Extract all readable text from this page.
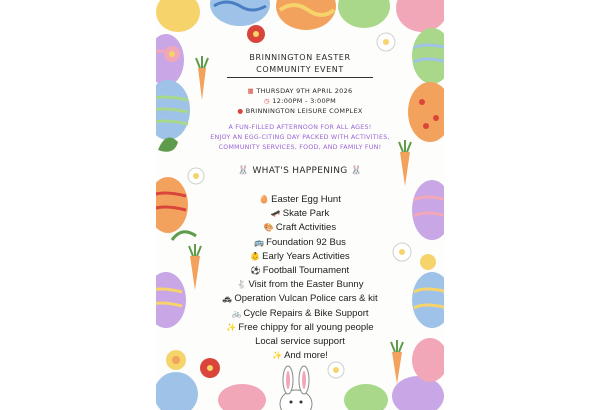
BRINNINGTON EASTER
COMMUNITY EVENT
▦ THURSDAY 9TH APRIL 2026
◷ 12:00PM - 3:00PM
● BRINNINGTON LEISURE COMPLEX
A FUN-FILLED AFTERNOON FOR ALL AGES!
ENJOY AN EGG-CITING DAY PACKED WITH ACTIVITIES,
COMMUNITY SERVICES, FOOD, AND FAMILY FUN!
🐰 WHAT'S HAPPENING 🐰
🥚 Easter Egg Hunt
🛹 Skate Park
🎨 Craft Activities
🚌 Foundation 92 Bus
👶 Early Years Activities
⚽ Football Tournament
🐇 Visit from the Easter Bunny
🚓 Operation Vulcan Police cars & kit
🚲 Cycle Repairs & Bike Support
✨ Free chippy for all young people
Local service support
✨ And more!
